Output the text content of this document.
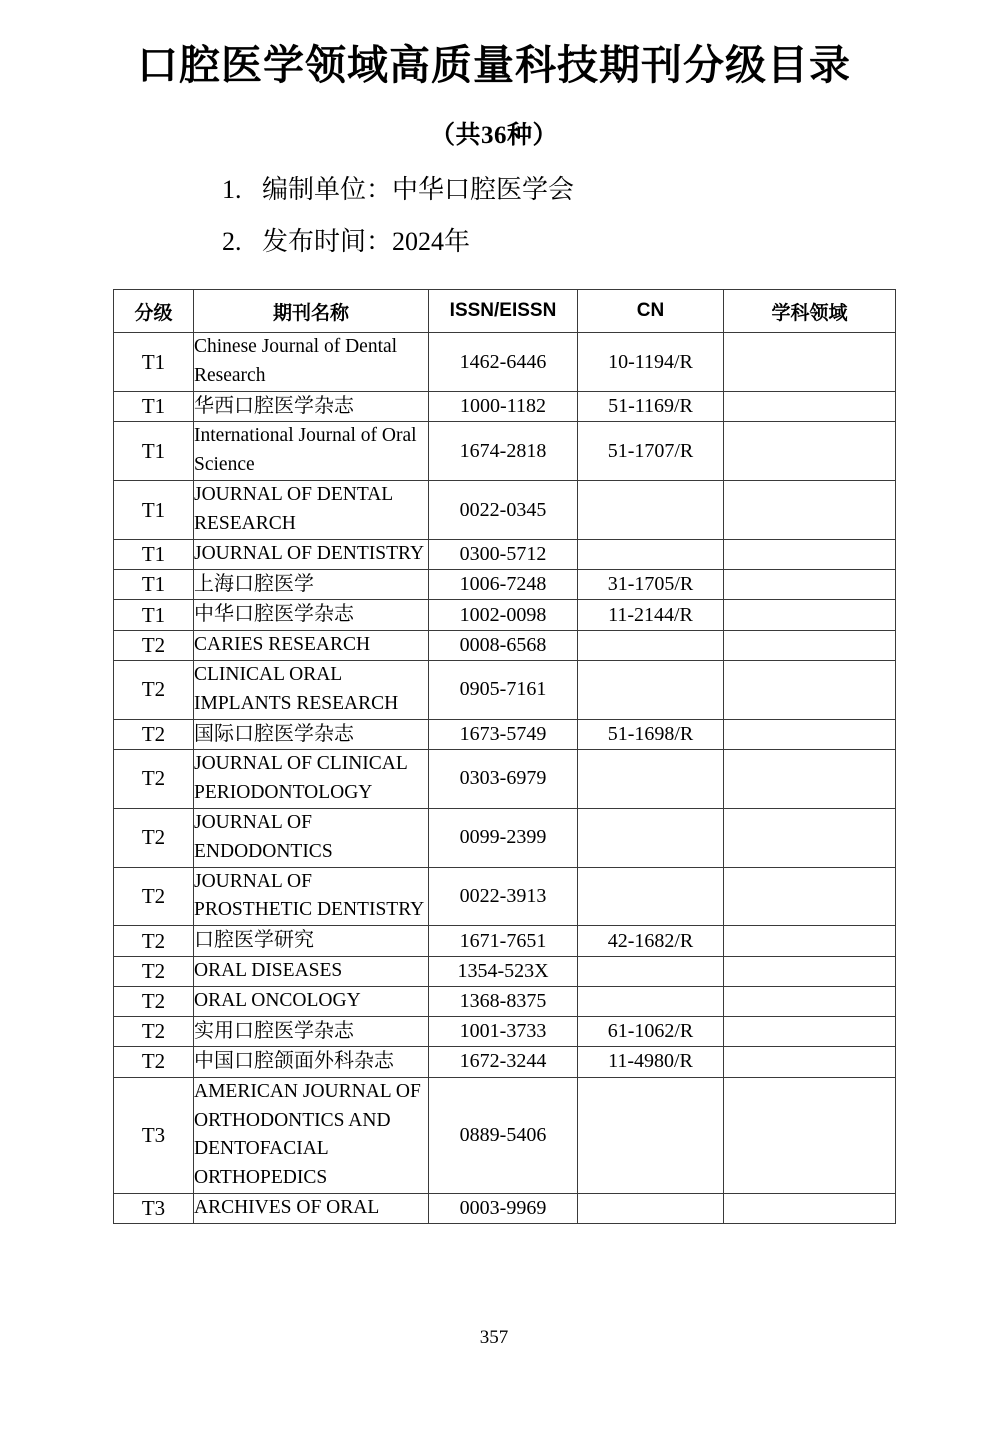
口腔医学领域高质量科技期刊分级目录
（共36种）
1. 编制单位：中华口腔医学会
2. 发布时间：2024年
分级	期刊名称	ISSN/EISSN	CN	学科领域
T1	Chinese Journal of Dental Research	1462-6446	10-1194/R	
T1	华西口腔医学杂志	1000-1182	51-1169/R	
T1	International Journal of Oral Science	1674-2818	51-1707/R	
T1	JOURNAL OF DENTAL RESEARCH	0022-0345		
T1	JOURNAL OF DENTISTRY	0300-5712		
T1	上海口腔医学	1006-7248	31-1705/R	
T1	中华口腔医学杂志	1002-0098	11-2144/R	
T2	CARIES RESEARCH	0008-6568		
T2	CLINICAL ORAL IMPLANTS RESEARCH	0905-7161		
T2	国际口腔医学杂志	1673-5749	51-1698/R	
T2	JOURNAL OF CLINICAL PERIODONTOLOGY	0303-6979		
T2	JOURNAL OF ENDODONTICS	0099-2399		
T2	JOURNAL OF PROSTHETIC DENTISTRY	0022-3913		
T2	口腔医学研究	1671-7651	42-1682/R	
T2	ORAL DISEASES	1354-523X		
T2	ORAL ONCOLOGY	1368-8375		
T2	实用口腔医学杂志	1001-3733	61-1062/R	
T2	中国口腔颌面外科杂志	1672-3244	11-4980/R	
T3	AMERICAN JOURNAL OF ORTHODONTICS AND DENTOFACIAL ORTHOPEDICS	0889-5406		
T3	ARCHIVES OF ORAL	0003-9969		
357
